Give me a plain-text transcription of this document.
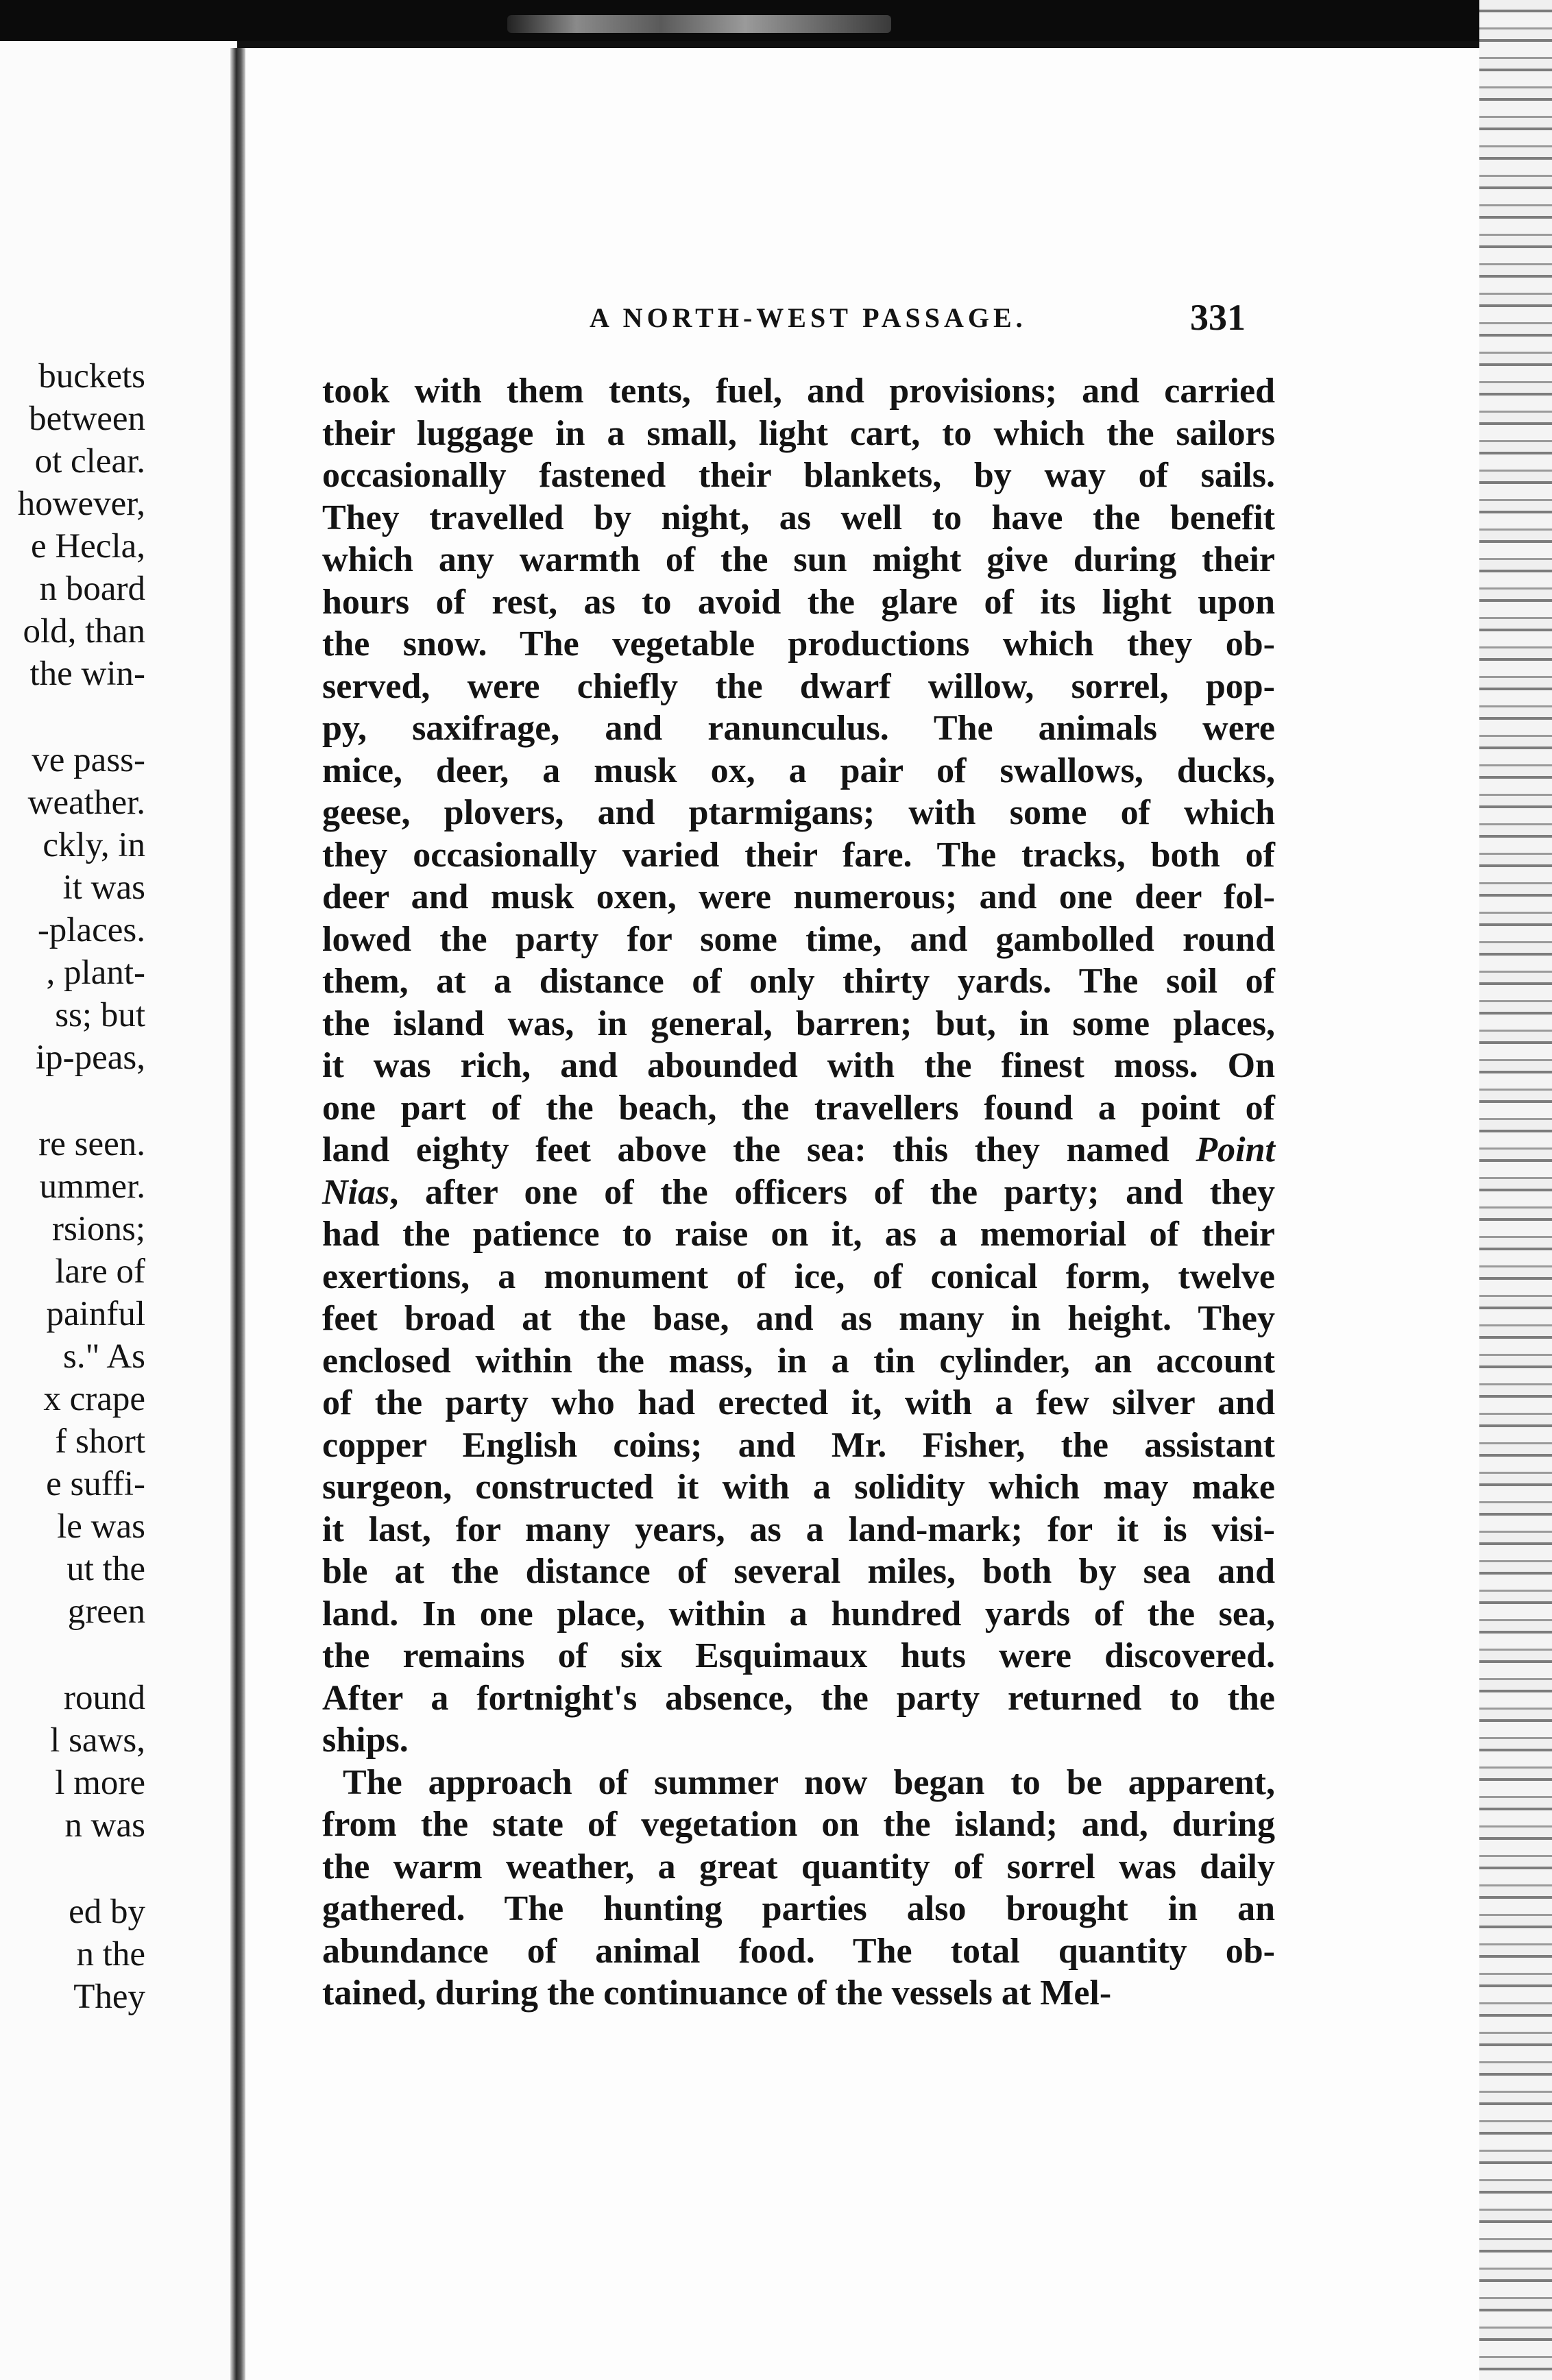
buckets

between

ot clear.

however,

e Hecla,

n board

old, than

the win-

ve pass-

weather.

ckly, in

it was

-places.

, plant-

ss; but

ip-peas,

re seen.

ummer.

rsions;

lare of

painful

s." As

x crape

f short

e suffi-

le was

ut the

green

round

l saws,

l more

n was

ed by

n the

They

A NORTH-WEST PASSAGE.	331

took with them tents, fuel, and provisions; and carried
their luggage in a small, light cart, to which the sailors
occasionally fastened their blankets, by way of sails.
They travelled by night, as well to have the benefit
which any warmth of the sun might give during their
hours of rest, as to avoid the glare of its light upon
the snow. The vegetable productions which they ob-
served, were chiefly the dwarf willow, sorrel, pop-
py, saxifrage, and ranunculus. The animals were
mice, deer, a musk ox, a pair of swallows, ducks,
geese, plovers, and ptarmigans; with some of which
they occasionally varied their fare. The tracks, both of
deer and musk oxen, were numerous; and one deer fol-
lowed the party for some time, and gambolled round
them, at a distance of only thirty yards. The soil of
the island was, in general, barren; but, in some places,
it was rich, and abounded with the finest moss. On
one part of the beach, the travellers found a point of
land eighty feet above the sea: this they named Point
Nias, after one of the officers of the party; and they
had the patience to raise on it, as a memorial of their
exertions, a monument of ice, of conical form, twelve
feet broad at the base, and as many in height. They
enclosed within the mass, in a tin cylinder, an account
of the party who had erected it, with a few silver and
copper English coins; and Mr. Fisher, the assistant
surgeon, constructed it with a solidity which may make
it last, for many years, as a land-mark; for it is visi-
ble at the distance of several miles, both by sea and
land. In one place, within a hundred yards of the sea,
the remains of six Esquimaux huts were discovered.
After a fortnight's absence, the party returned to the
ships.
The approach of summer now began to be apparent,
from the state of vegetation on the island; and, during
the warm weather, a great quantity of sorrel was daily
gathered. The hunting parties also brought in an
abundance of animal food. The total quantity ob-
tained, during the continuance of the vessels at Mel-
